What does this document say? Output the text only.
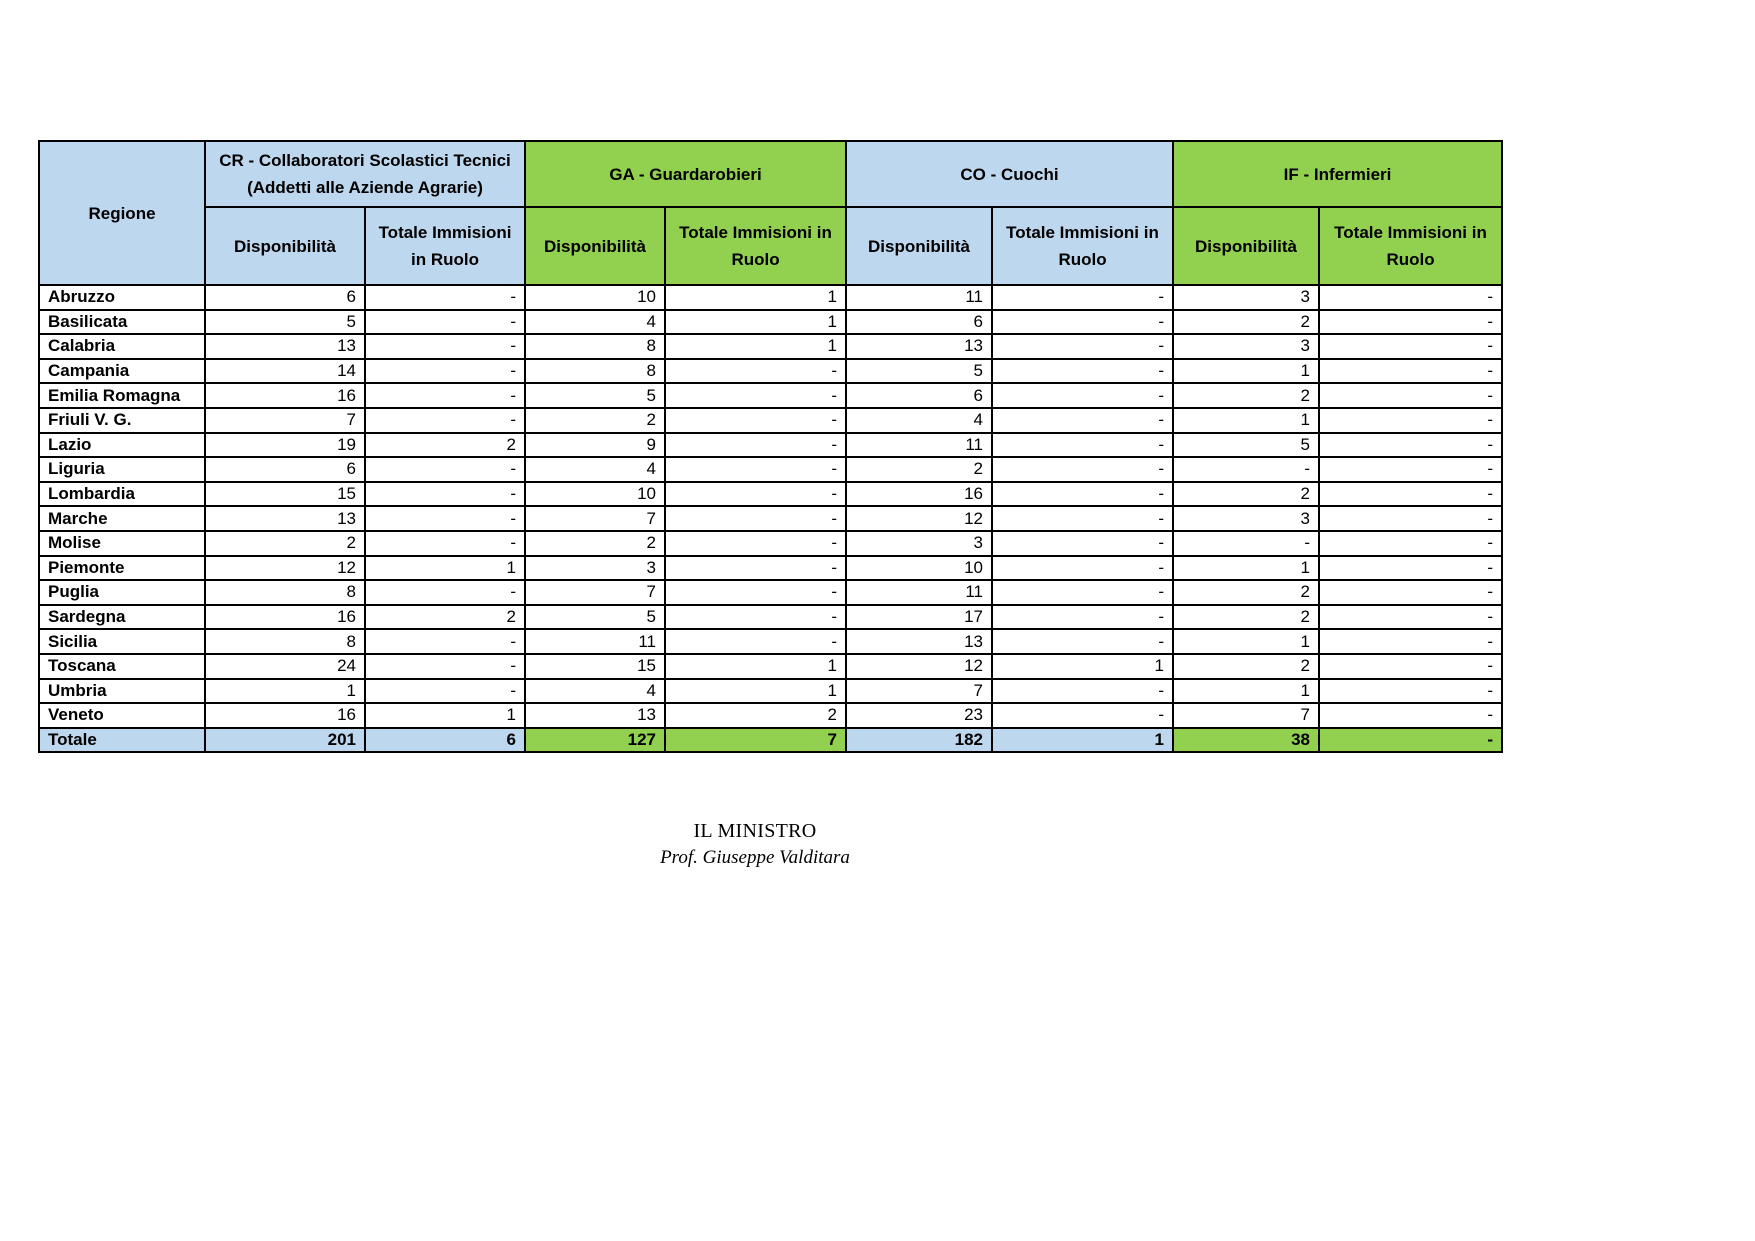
Regione	CR - Collaboratori Scolastici Tecnici (Addetti alle Aziende Agrarie)		GA - Guardarobieri		CO - Cuochi		IF - Infermieri	
	Disponibilità	Totale Immisioni in Ruolo	Disponibilità	Totale Immisioni in Ruolo	Disponibilità	Totale Immisioni in Ruolo	Disponibilità	Totale Immisioni in Ruolo
Abruzzo	6	-	10	1	11	-	3	-
Basilicata	5	-	4	1	6	-	2	-
Calabria	13	-	8	1	13	-	3	-
Campania	14	-	8	-	5	-	1	-
Emilia Romagna	16	-	5	-	6	-	2	-
Friuli V. G.	7	-	2	-	4	-	1	-
Lazio	19	2	9	-	11	-	5	-
Liguria	6	-	4	-	2	-	-	-
Lombardia	15	-	10	-	16	-	2	-
Marche	13	-	7	-	12	-	3	-
Molise	2	-	2	-	3	-	-	-
Piemonte	12	1	3	-	10	-	1	-
Puglia	8	-	7	-	11	-	2	-
Sardegna	16	2	5	-	17	-	2	-
Sicilia	8	-	11	-	13	-	1	-
Toscana	24	-	15	1	12	1	2	-
Umbria	1	-	4	1	7	-	1	-
Veneto	16	1	13	2	23	-	7	-
Totale	201	6	127	7	182	1	38	-
IL MINISTRO
Prof. Giuseppe Valditara
